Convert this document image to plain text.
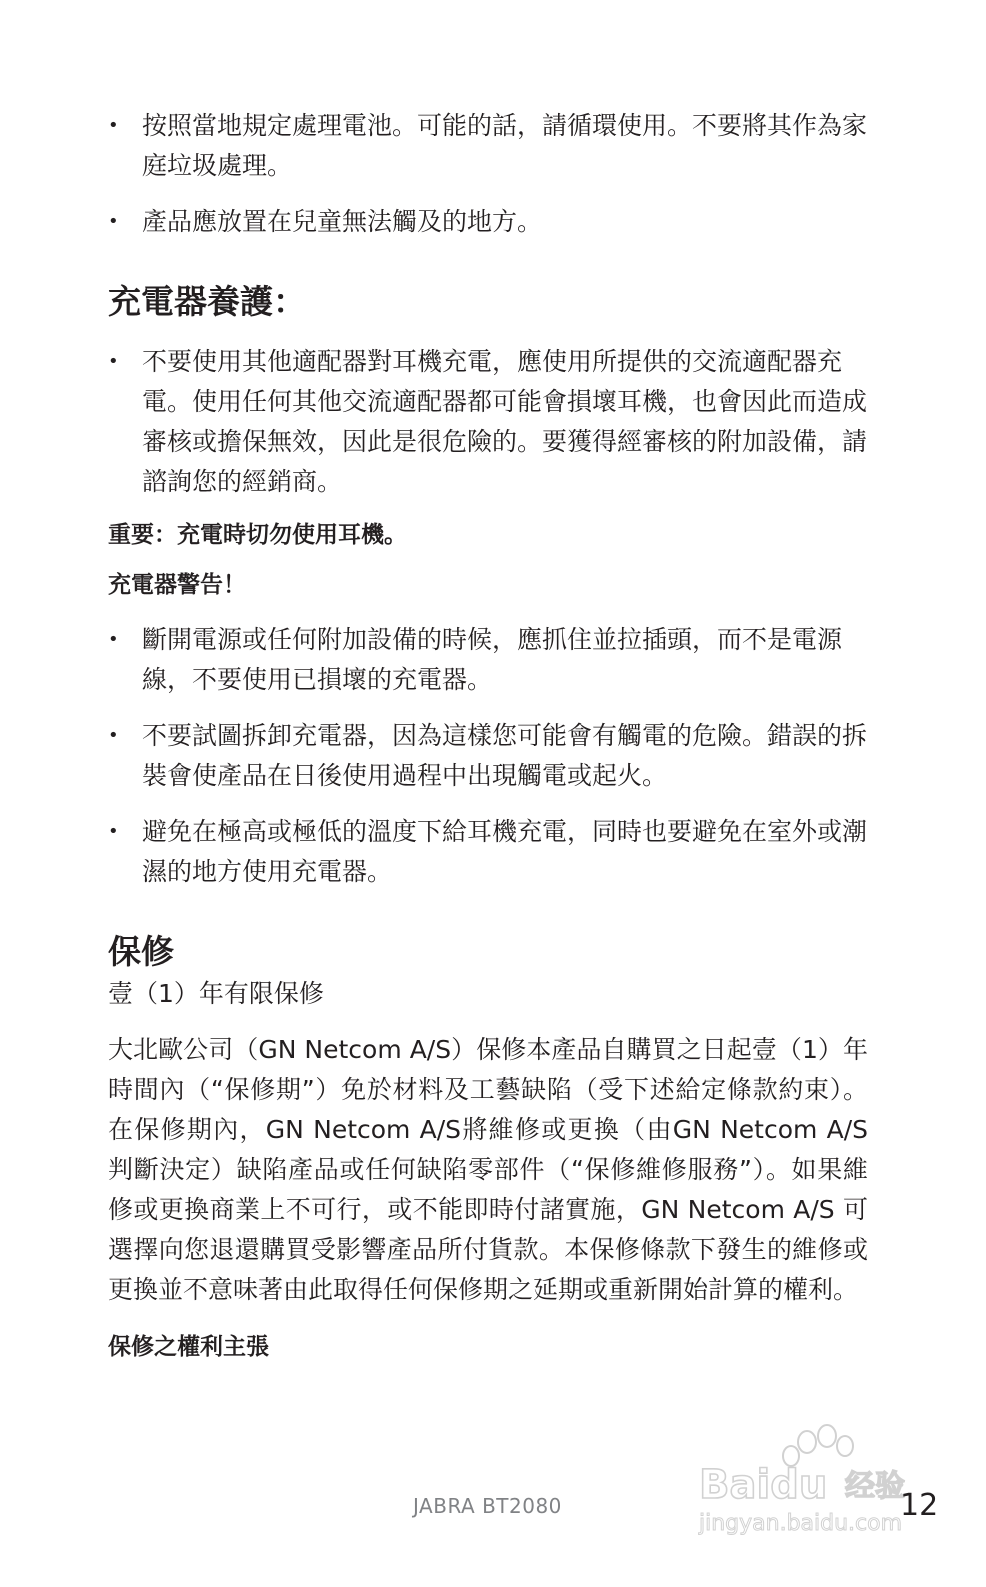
• 按照當地規定處理電池。可能的話，請循環使用。不要將其作為家庭垃圾處理。

• 產品應放置在兒童無法觸及的地方。

充電器養護：

• 不要使用其他適配器對耳機充電，應使用所提供的交流適配器充電。使用任何其他交流適配器都可能會損壞耳機，也會因此而造成審核或擔保無效，因此是很危險的。要獲得經審核的附加設備，請諮詢您的經銷商。

重要：充電時切勿使用耳機。
充電器警告！

• 斷開電源或任何附加設備的時候，應抓住並拉插頭，而不是電源線，不要使用已損壞的充電器。

• 不要試圖拆卸充電器，因為這樣您可能會有觸電的危險。錯誤的拆裝會使產品在日後使用過程中出現觸電或起火。

• 避免在極高或極低的溫度下給耳機充電，同時也要避免在室外或潮濕的地方使用充電器。

保修

壹（1）年有限保修

大北歐公司（GN Netcom A/S）保修本產品自購買之日起壹（1）年時間內（“保修期”）免於材料及工藝缺陷（受下述給定條款約束）。在保修期內，GN Netcom A/S將維修或更換（由GN Netcom A/S 判斷決定）缺陷產品或任何缺陷零部件（“保修維修服務”）。如果維修或更換商業上不可行，或不能即時付諸實施，GN Netcom A/S 可選擇向您退還購買受影響產品所付貨款。本保修條款下發生的維修或更換並不意味著由此取得任何保修期之延期或重新開始計算的權利。

保修之權利主張
Baidu 经验
jingyan.baidu.com
JABRA BT2080	12
